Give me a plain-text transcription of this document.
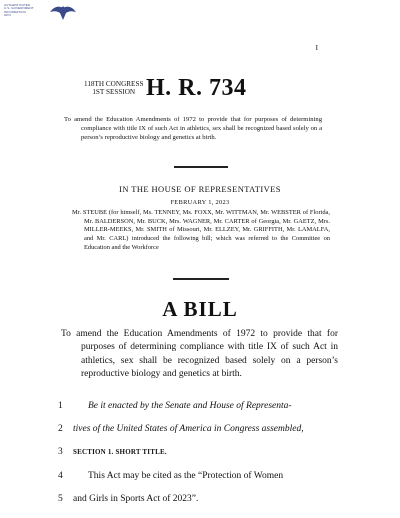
AUTHENTICATED
U.S. GOVERNMENT
INFORMATION
GPO
I
118TH CONGRESS
1ST SESSION H. R. 734

To amend the Education Amendments of 1972 to provide that for purposes of determining compliance with title IX of such Act in athletics, sex shall be recognized based solely on a person’s reproductive biology and genetics at birth.

IN THE HOUSE OF REPRESENTATIVES
FEBRUARY 1, 2023

Mr. STEUBE (for himself, Ms. TENNEY, Ms. FOXX, Mr. WITTMAN, Mr. WEBSTER of Florida, Mr. BALDERSON, Mr. BUCK, Mrs. WAGNER, Mr. CARTER of Georgia, Mr. GAETZ, Mrs. MILLER-MEEKS, Mr. SMITH of Missouri, Mr. ELLZEY, Mr. GRIFFITH, Mr. LAMALFA, and Mr. CARL) introduced the following bill; which was referred to the Committee on Education and the Workforce

A BILL

To amend the Education Amendments of 1972 to provide that for purposes of determining compliance with title IX of such Act in athletics, sex shall be recognized based solely on a person’s reproductive biology and genetics at birth.

1	Be it enacted by the Senate and House of Representa-
2	tives of the United States of America in Congress assembled,
3	SECTION 1. SHORT TITLE.
4	This Act may be cited as the “Protection of Women
5	and Girls in Sports Act of 2023”.
